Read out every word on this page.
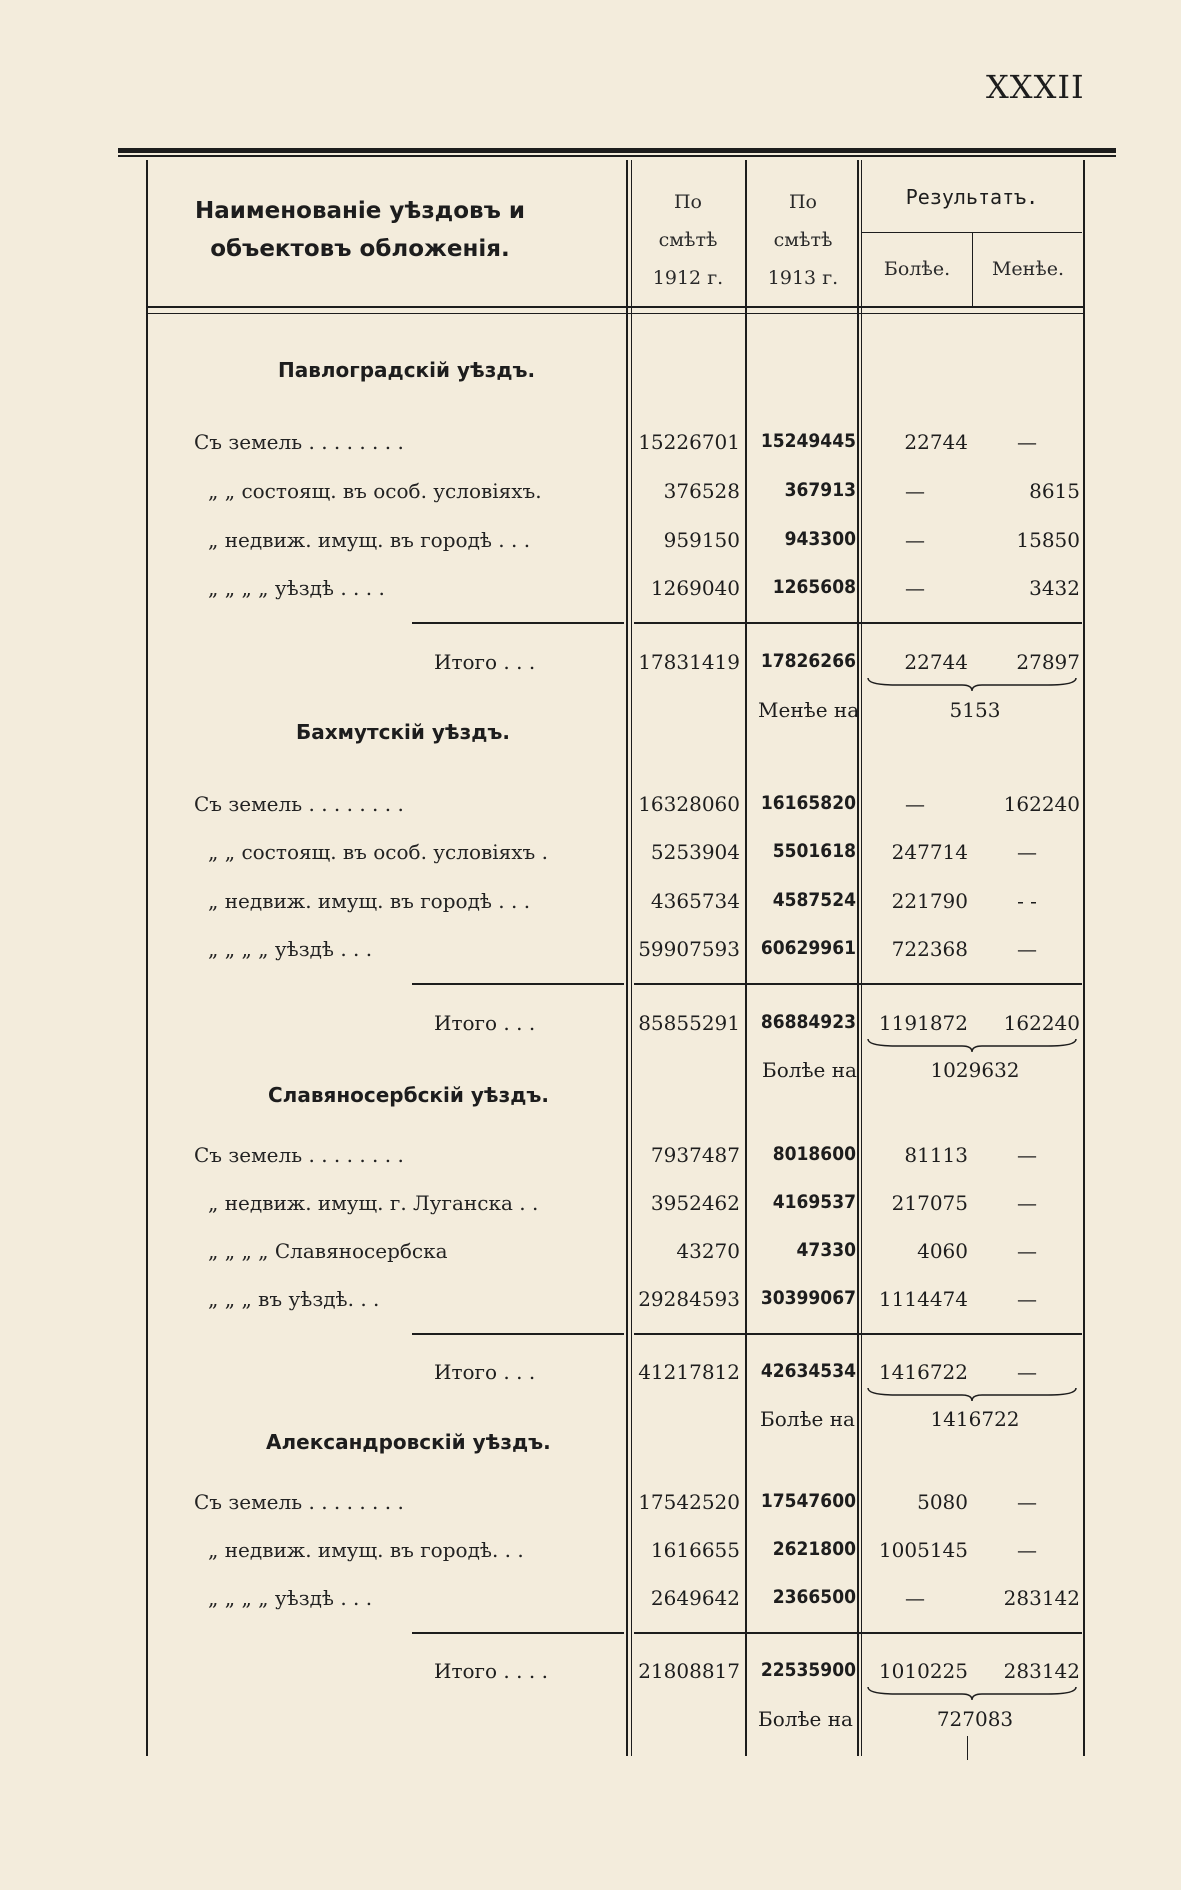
XXXII
Наименованіе уѣздовъ и
объектовъ обложенія.
По
смѣтѣ
1912 г.
По
смѣтѣ
1913 г.
Результатъ.
Болѣе.	Менѣе.
Павлоградскій уѣздъ.
Съ земель . . . . . . . .	15226701	15249445	22744	—
„ „ состоящ. въ особ. условіяхъ.	376528	367913	—	8615
„ недвиж. имущ. въ городѣ . . .	959150	943300	—	15850
„ „ „ „ уѣздѣ . . . .	1269040	1265608	—	3432
Итого . . .	17831419	17826266	22744	27897
Менѣе на	5153
Бахмутскій уѣздъ.
Съ земель . . . . . . . .	16328060	16165820	—	162240
„ „ состоящ. въ особ. условіяхъ .	5253904	5501618	247714	—
„ недвиж. имущ. въ городѣ . . .	4365734	4587524	221790	- -
„ „ „ „ уѣздѣ . . .	59907593	60629961	722368	—
Итого . . .	85855291	86884923	1191872	162240
Болѣе на	1029632
Славяносербскій уѣздъ.
Съ земель . . . . . . . .	7937487	8018600	81113	—
„ недвиж. имущ. г. Луганска . .	3952462	4169537	217075	—
„ „ „ „ Славяносербска	43270	47330	4060	—
„ „ „ въ уѣздѣ. . .	29284593	30399067	1114474	—
Итого . . .	41217812	42634534	1416722	—
Болѣе на	1416722
Александровскій уѣздъ.
Съ земель . . . . . . . .	17542520	17547600	5080	—
„ недвиж. имущ. въ городѣ. . .	1616655	2621800	1005145	—
„ „ „ „ уѣздѣ . . .	2649642	2366500	—	283142
Итого . . . .	21808817	22535900	1010225	283142
Болѣе на	727083
